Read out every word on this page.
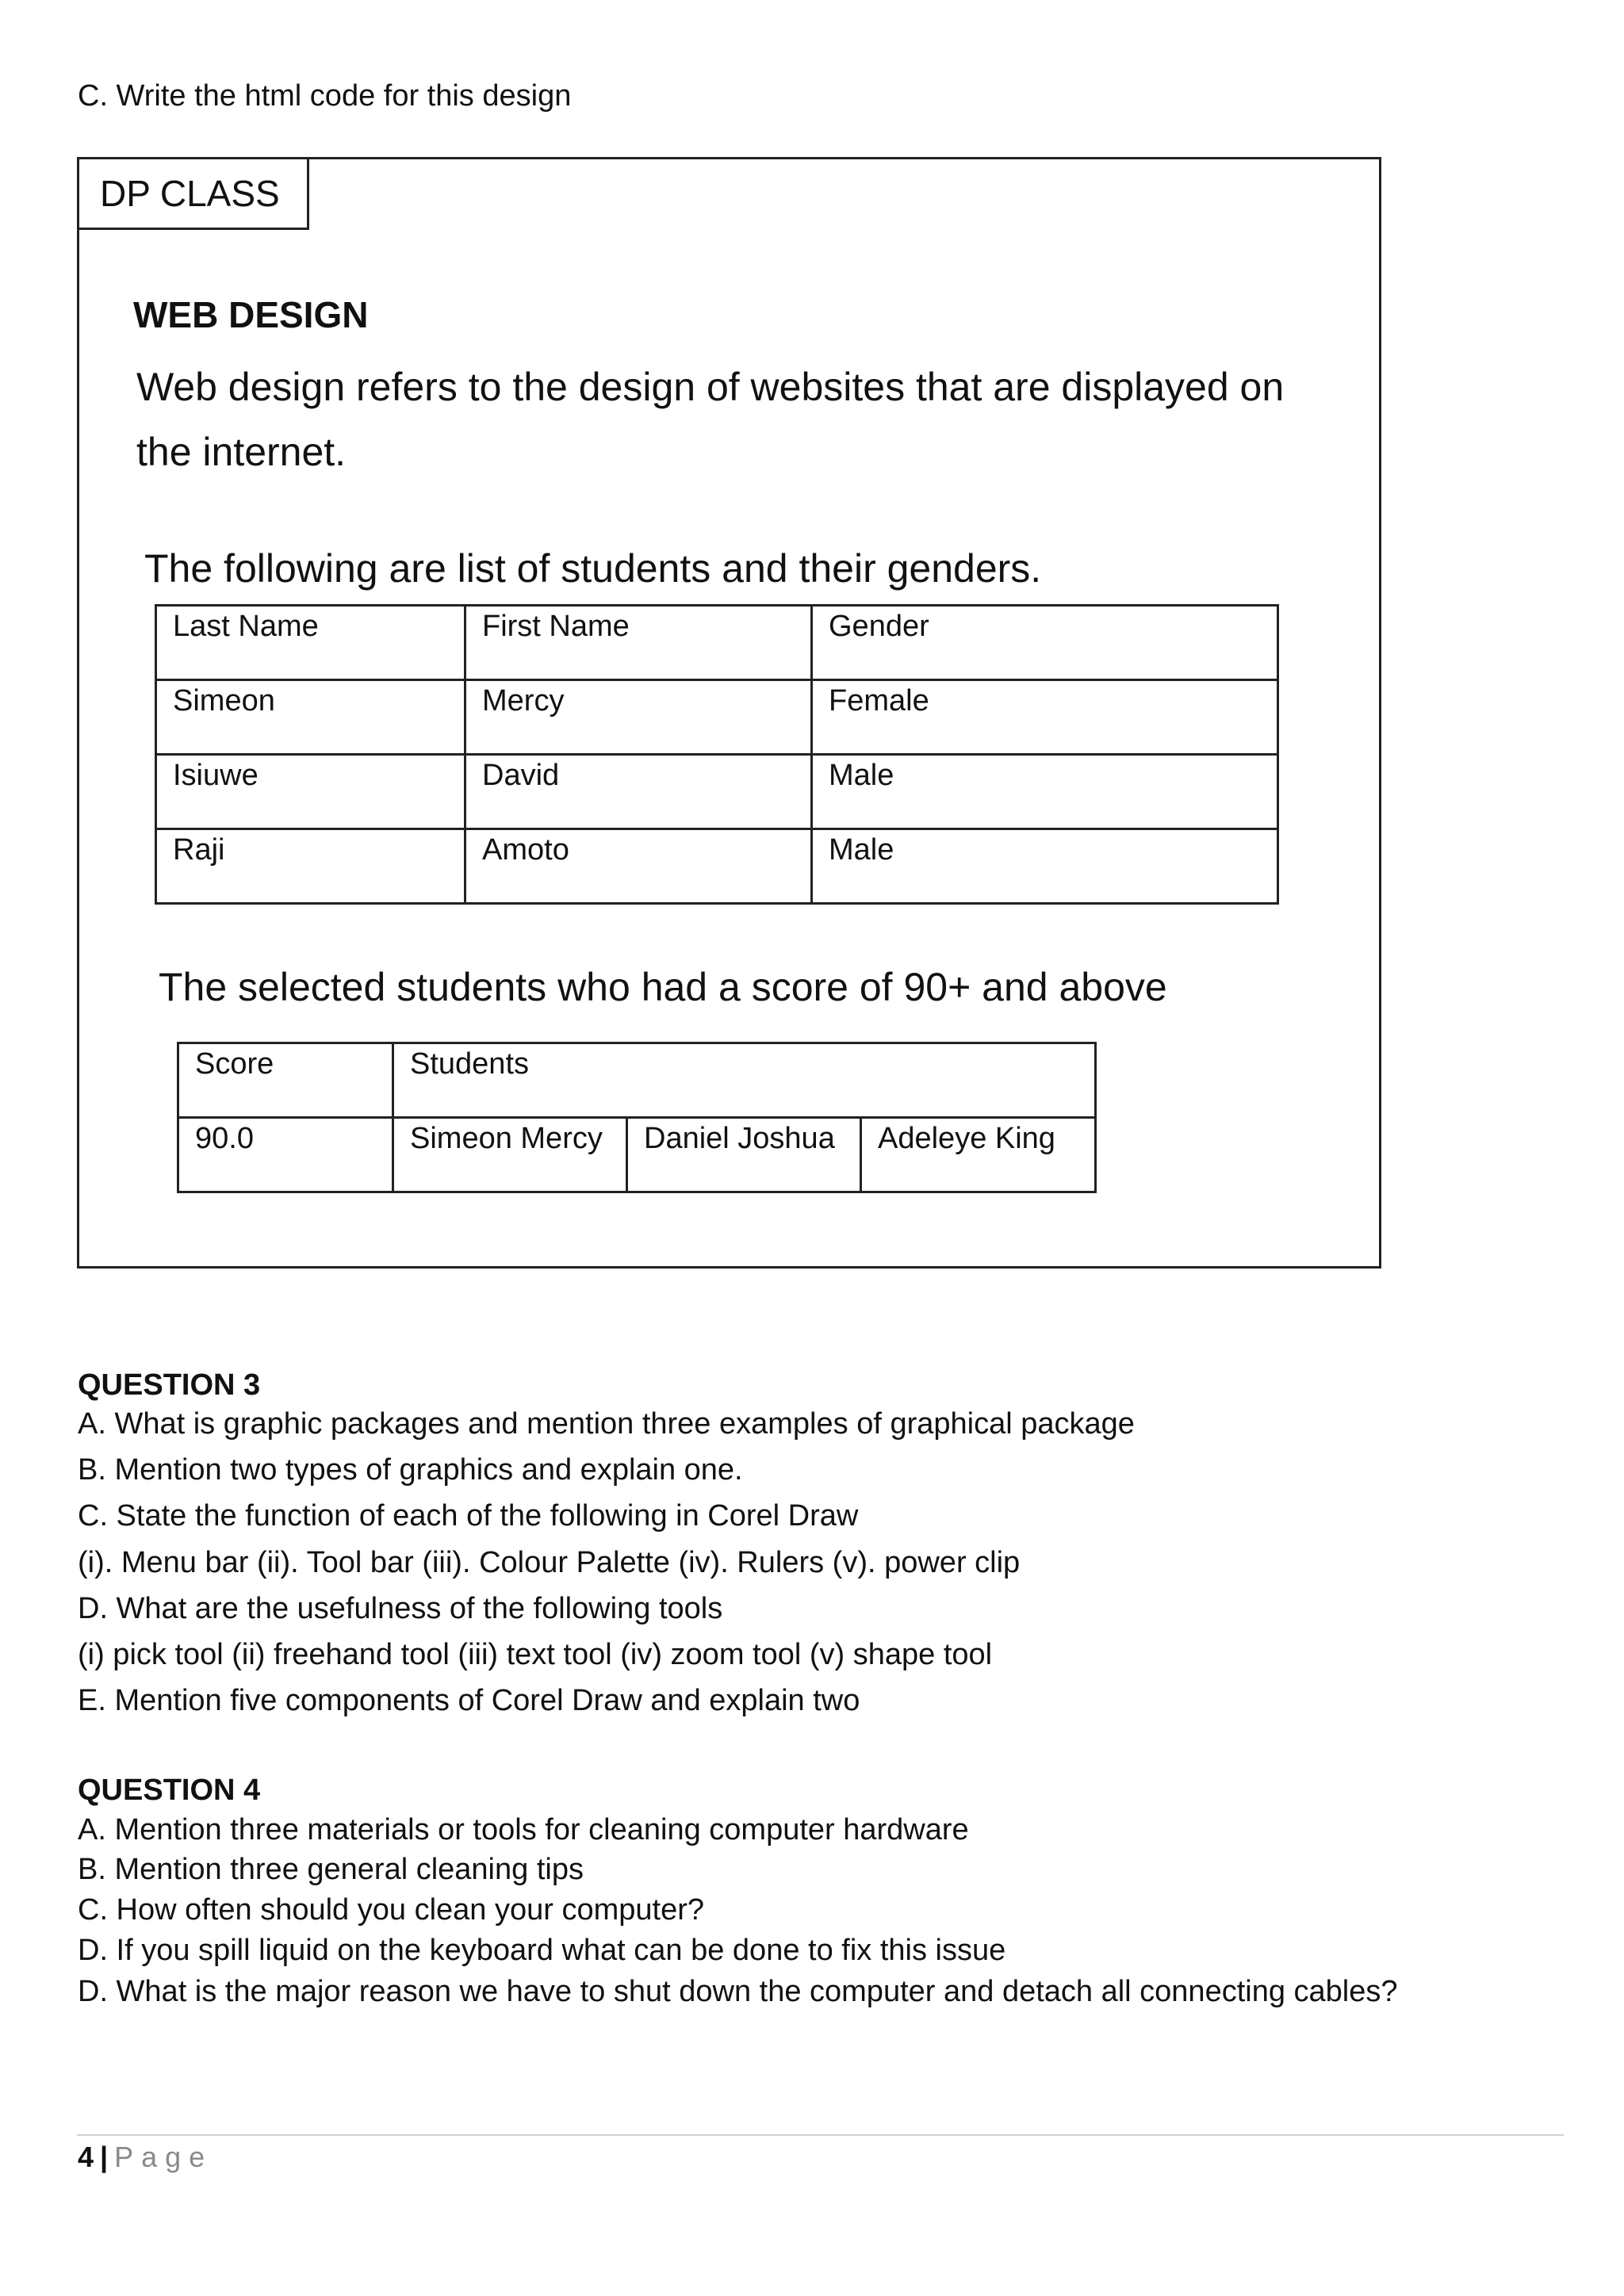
C. Write the html code for this design

DP CLASS

WEB DESIGN

Web design refers to the design of websites that are displayed on the internet.

The following are list of students and their genders.

Last Name	First Name	Gender
Simeon	Mercy	Female
Isiuwe	David	Male
Raji	Amoto	Male

The selected students who had a score of 90+ and above

Score	Students		
90.0	Simeon Mercy	Daniel Joshua	Adeleye King

QUESTION 3

A. What is graphic packages and mention three examples of graphical package

B. Mention two types of graphics and explain one.

C. State the function of each of the following in Corel Draw

(i). Menu bar (ii). Tool bar (iii). Colour Palette (iv). Rulers (v). power clip

D. What are the usefulness of the following tools

(i) pick tool (ii) freehand tool (iii) text tool (iv) zoom tool (v) shape tool

E. Mention five components of Corel Draw and explain two

QUESTION 4

A. Mention three materials or tools for cleaning computer hardware

B. Mention three general cleaning tips

C. How often should you clean your computer?

D. If you spill liquid on the keyboard what can be done to fix this issue

D. What is the major reason we have to shut down the computer and detach all connecting cables?

4 | Page
